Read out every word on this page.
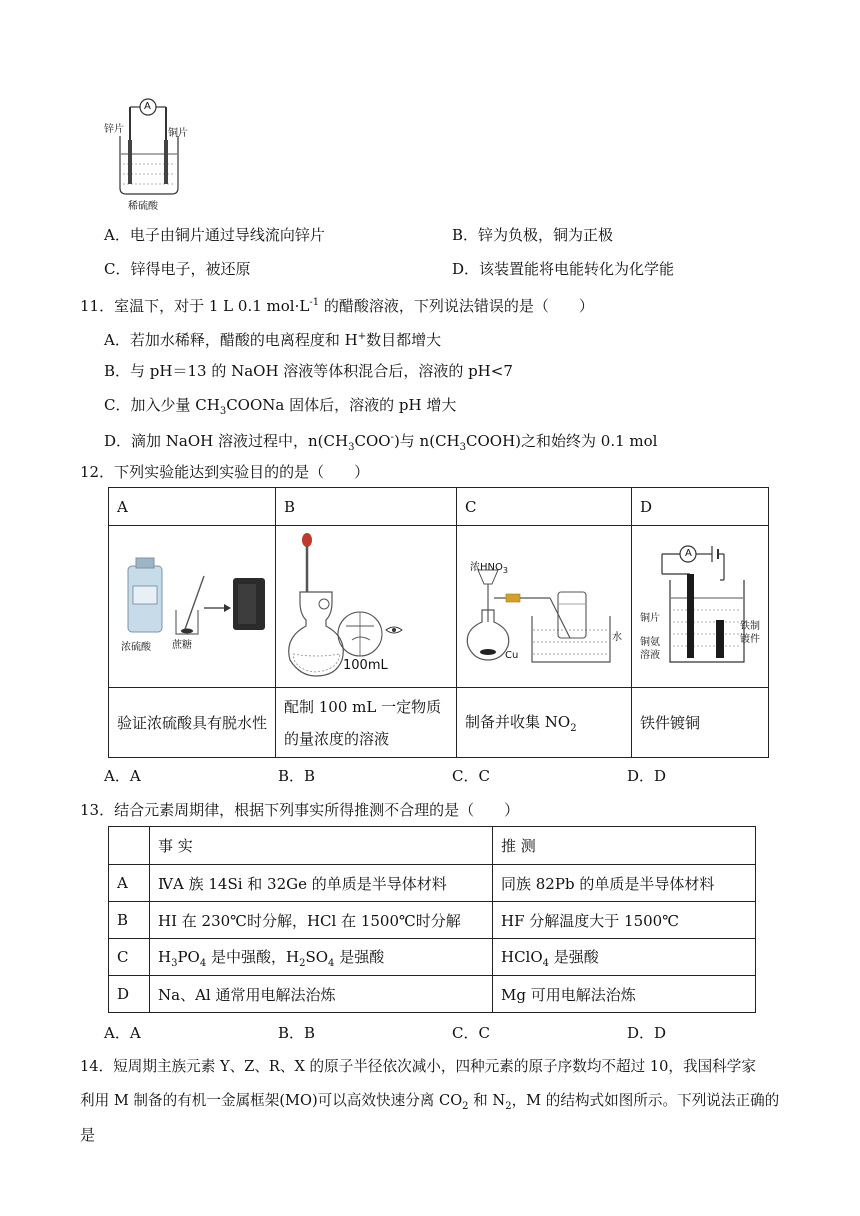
A
锌片	铜片
稀硫酸
A．电子由铜片通过导线流向锌片	B．锌为负极，铜为正极
C．锌得电子，被还原	D．该装置能将电能转化为化学能
11．室温下，对于 1 L 0.1 $mol\cdot L^{-1}$ 的醋酸溶液，下列说法错误的是（　　）
A．若加水稀释，醋酸的电离程度和 H+数目都增大
B．与 pH＝13 的 NaOH 溶液等体积混合后，溶液的 pH<7
C．加入少量 $CH_3COONa$ 固体后，溶液的 pH 增大
D．滴加 NaOH 溶液过程中，$n(CH_3COO^-)$与 $n(CH_3COOH)$之和始终为 0.1 mol
12．下列实验能达到实验目的的是（　　）
A	B	C	D

验证浓硫酸具有脱水性	配制 100 mL 一定物质的量浓度的溶液	制备并收集 $NO_2$	铁件镀铜
浓硫酸 蔗糖
100mL
浓$HNO_3$
Cu
水
A
铜片
铜氨溶液
铁制镀件
A．A	B．B	C．C	D．D
13．结合元素周期律，根据下列事实所得推测不合理的是（　　）
	事 实	推 测
A	ⅣA 族 14Si 和 32Ge 的单质是半导体材料	同族 82Pb 的单质是半导体材料
B	HI 在 230℃时分解，HCl 在 1500℃时分解	HF 分解温度大于 1500℃
C	$H_3PO_4$ 是中强酸，$H_2SO_4$ 是强酸	HClO$_4$ 是强酸
D	Na、Al 通常用电解法治炼	Mg 可用电解法治炼
A．A	B．B	C．C	D．D
14．短周期主族元素 Y、Z、R、X 的原子半径依次减小，四种元素的原子序数均不超过 10，我国科学家
利用 M 制备的有机一金属框架(MO)可以高效快速分离 $CO_2$ 和 $N_2$，M 的结构式如图所示。下列说法正确的
是
